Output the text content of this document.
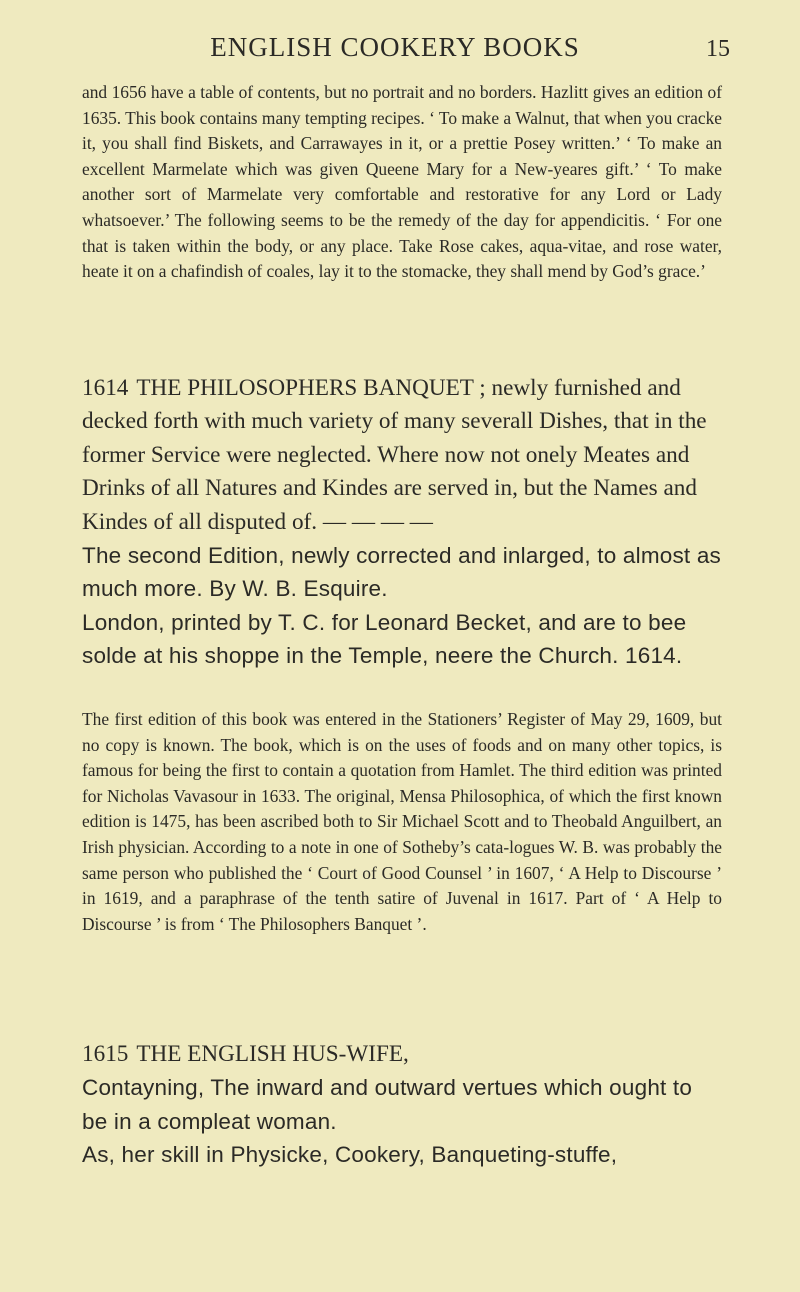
ENGLISH COOKERY BOOKS	15

and 1656 have a table of contents, but no portrait and no borders. Hazlitt gives an edition of 1635. This book contains many tempting recipes. ‘ To make a Walnut, that when you cracke it, you shall find Biskets, and Carrawayes in it, or a prettie Posey written.’ ‘ To make an excellent Marmelate which was given Queene Mary for a New-yeares gift.’ ‘ To make another sort of Marmelate very comfortable and restorative for any Lord or Lady whatsoever.’ The following seems to be the remedy of the day for appendicitis. ‘ For one that is taken within the body, or any place. Take Rose cakes, aqua-vitae, and rose water, heate it on a chafindish of coales, lay it to the stomacke, they shall mend by God’s grace.’

1614 THE PHILOSOPHERS BANQUET ; newly furnished and decked forth with much variety of many severall Dishes, that in the former Service were neglected. Where now not onely Meates and Drinks of all Natures and Kindes are served in, but the Names and Kindes of all disputed of. — — — —

The second Edition, newly corrected and inlarged, to almost as much more. By W. B. Esquire.

London, printed by T. C. for Leonard Becket, and are to bee solde at his shoppe in the Temple, neere the Church. 1614.

The first edition of this book was entered in the Stationers’ Register of May 29, 1609, but no copy is known. The book, which is on the uses of foods and on many other topics, is famous for being the first to contain a quotation from Hamlet. The third edition was printed for Nicholas Vavasour in 1633. The original, Mensa Philosophica, of which the first known edition is 1475, has been ascribed both to Sir Michael Scott and to Theobald Anguilbert, an Irish physician. According to a note in one of Sotheby’s cata-logues W. B. was probably the same person who published the ‘ Court of Good Counsel ’ in 1607, ‘ A Help to Discourse ’ in 1619, and a paraphrase of the tenth satire of Juvenal in 1617. Part of ‘ A Help to Discourse ’ is from ‘ The Philosophers Banquet ’.

1615 THE ENGLISH HUS-WIFE,

Contayning, The inward and outward vertues which ought to be in a compleat woman.

As, her skill in Physicke, Cookery, Banqueting-stuffe,
